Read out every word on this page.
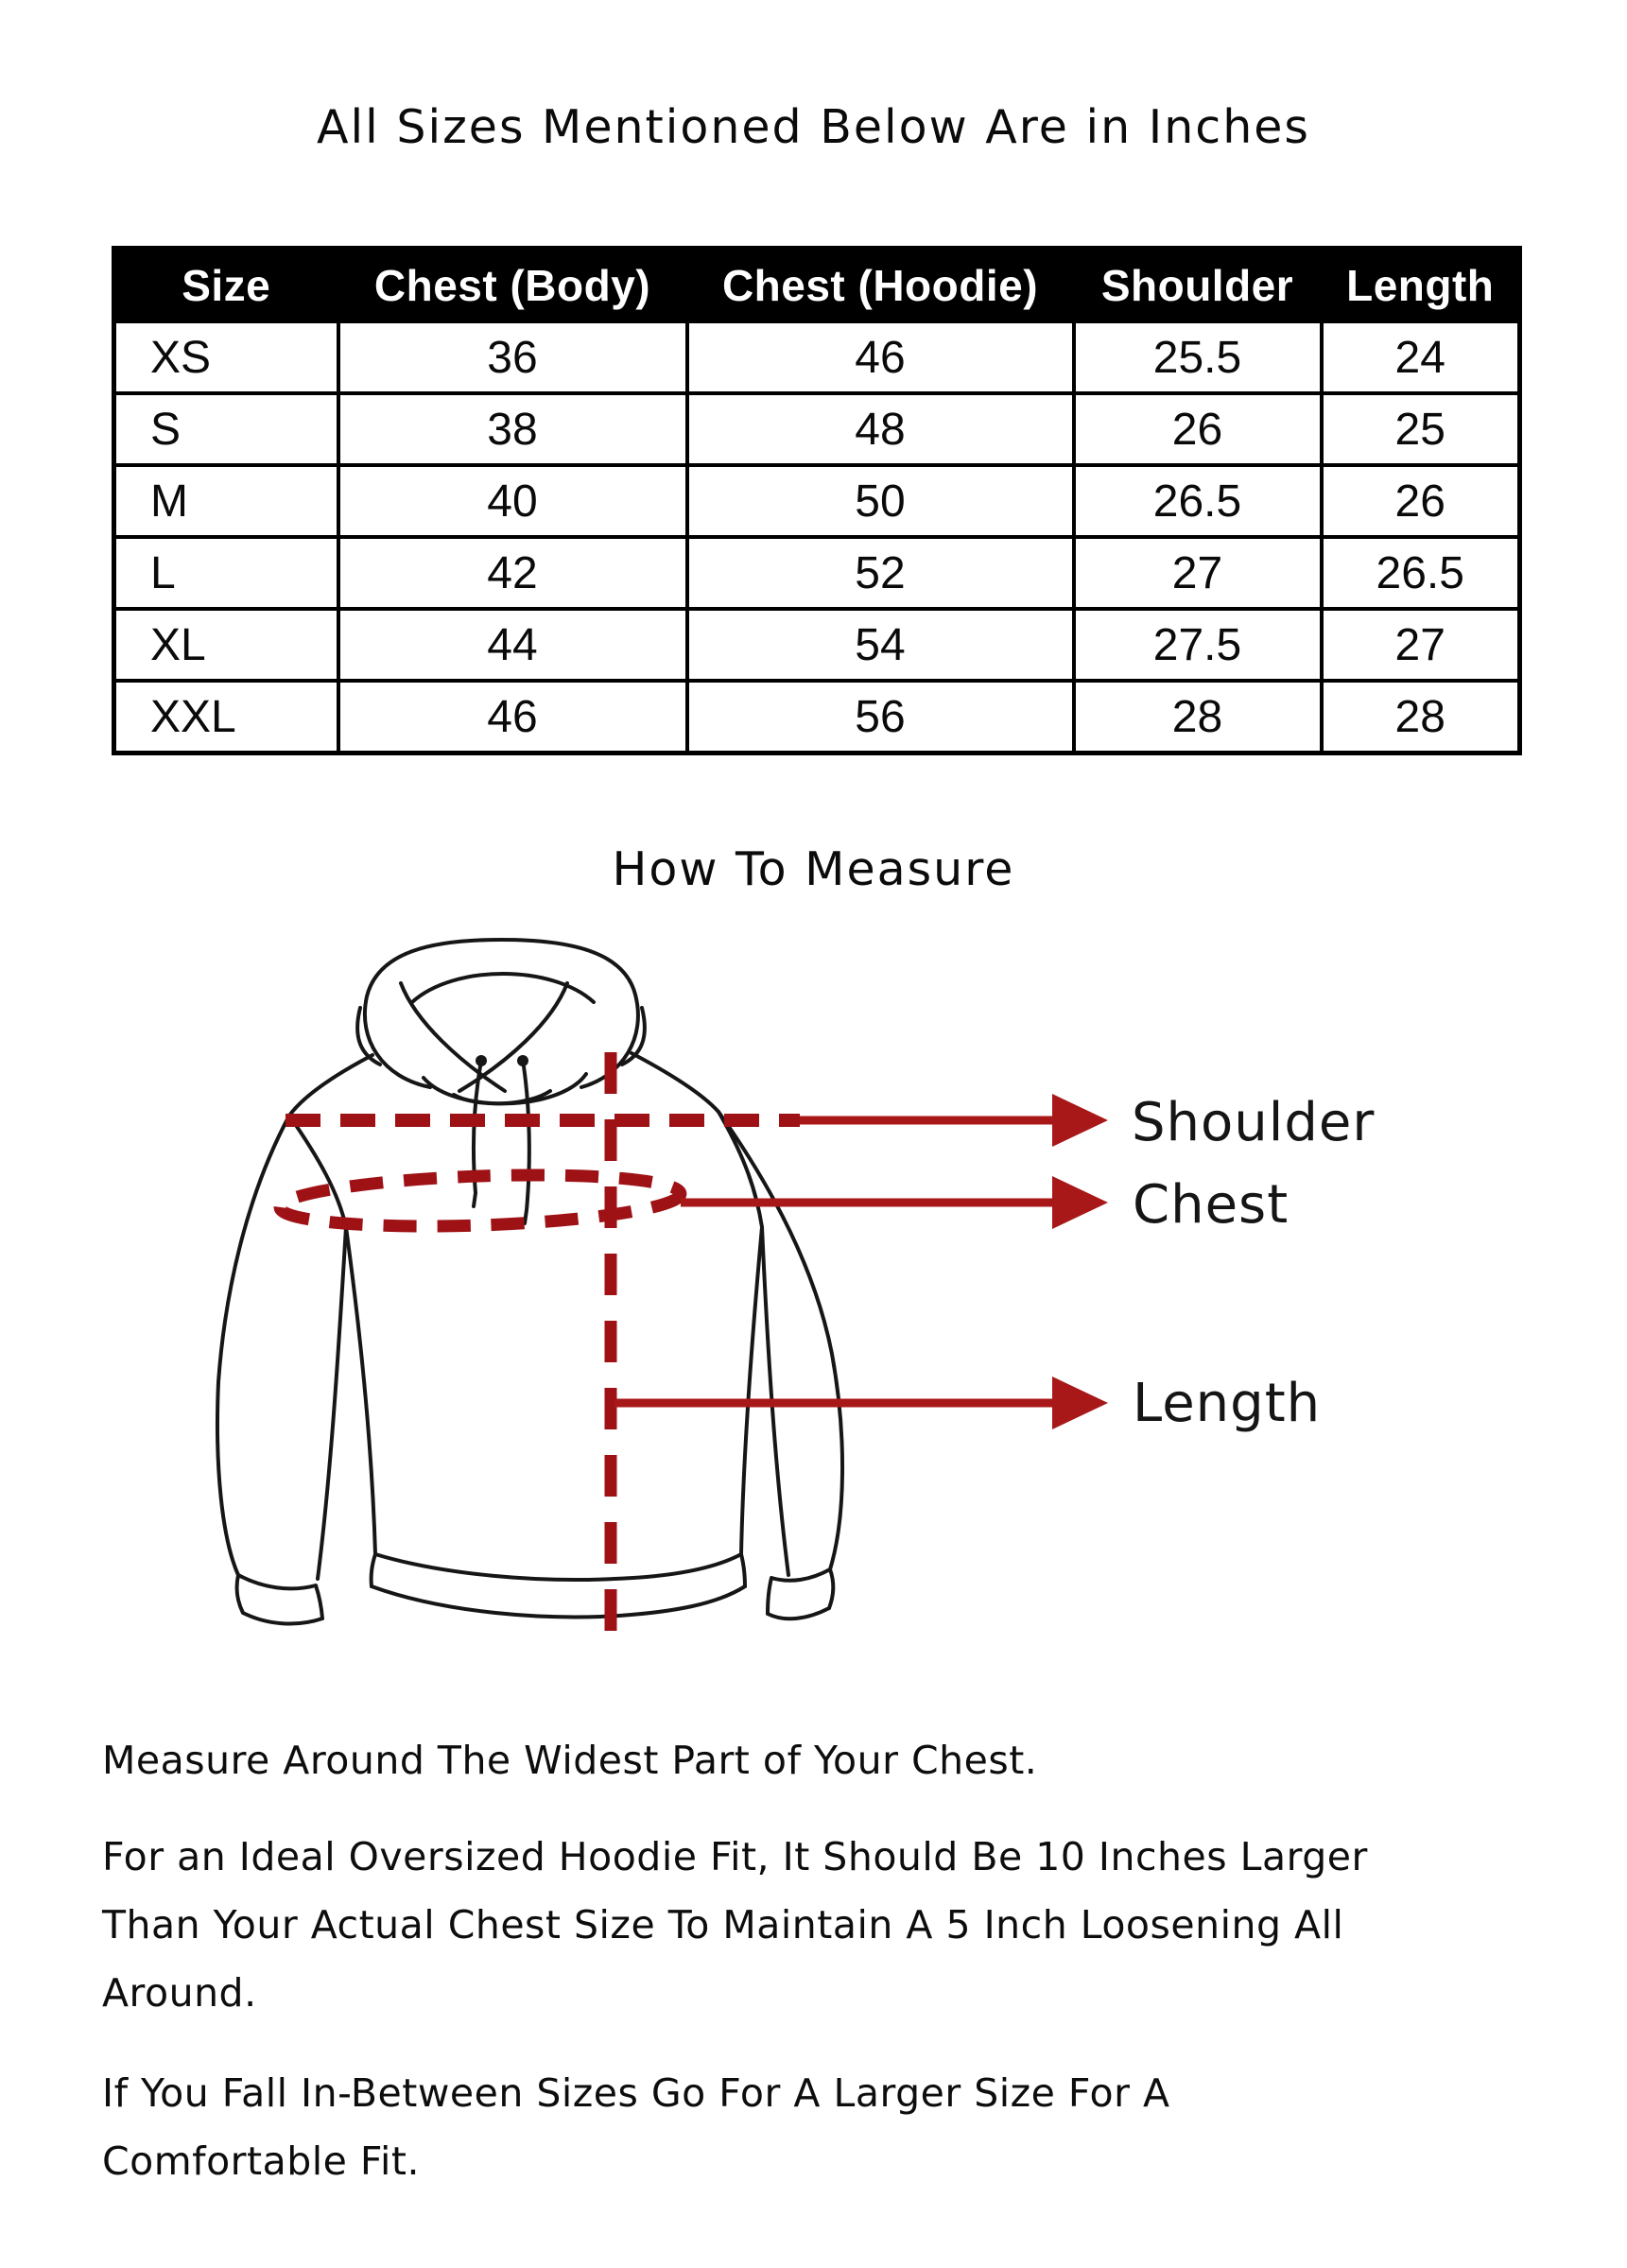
All Sizes Mentioned Below Are in Inches
Size	Chest (Body)	Chest (Hoodie)	Shoulder	Length
XS	36	46	25.5	24
S	38	48	26	25
M	40	50	26.5	26
L	42	52	27	26.5
XL	44	54	27.5	27
XXL	46	56	28	28
How To Measure
Shoulder
Chest
Length
Measure Around The Widest Part of Your Chest.
For an Ideal Oversized Hoodie Fit, It Should Be 10 Inches Larger
Than Your Actual Chest Size To Maintain A 5 Inch Loosening All
Around.
If You Fall In-Between Sizes Go For A Larger Size For A
Comfortable Fit.
